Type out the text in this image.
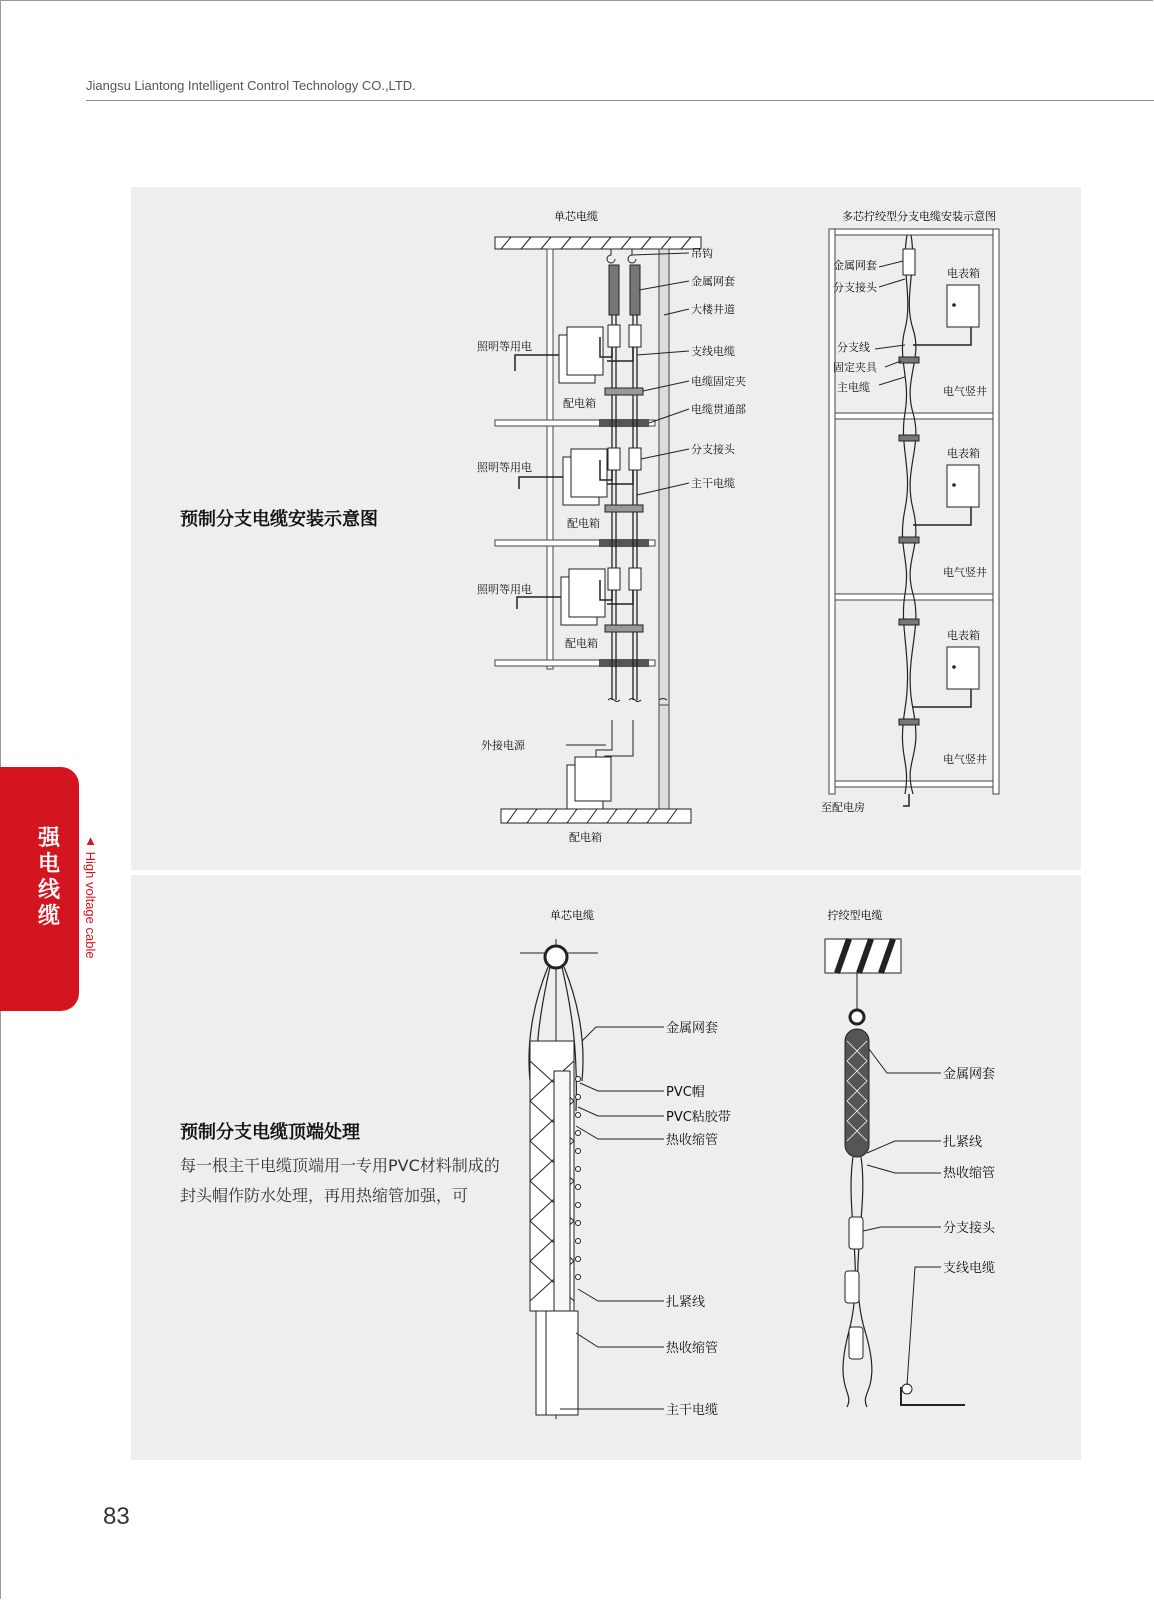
Jiangsu Liantong Intelligent Control Technology CO.,LTD.
预制分支电缆安装示意图
单芯电缆
吊钩
金属网套
大楼井道
支线电缆
电缆固定夹
电缆贯通部
分支接头
主干电缆
照明等用电
照明等用电
照明等用电
配电箱
配电箱
配电箱
外接电源
配电箱
多芯拧绞型分支电缆安装示意图
金属网套
分支接头
分支线
固定夹具
主电缆
电表箱
电表箱
电表箱
电气竖井
电气竖井
电气竖井
至配电房
预制分支电缆顶端处理
每一根主干电缆顶端用一专用PVC材料制成的封头帽作防水处理，再用热缩管加强，可
单芯电缆
金属网套
PVC帽
PVC粘胶带
热收缩管
扎紧线
热收缩管
主干电缆
拧绞型电缆
金属网套
扎紧线
热收缩管
分支接头
支线电缆
强电线缆 ▲ High voltage cable
83
